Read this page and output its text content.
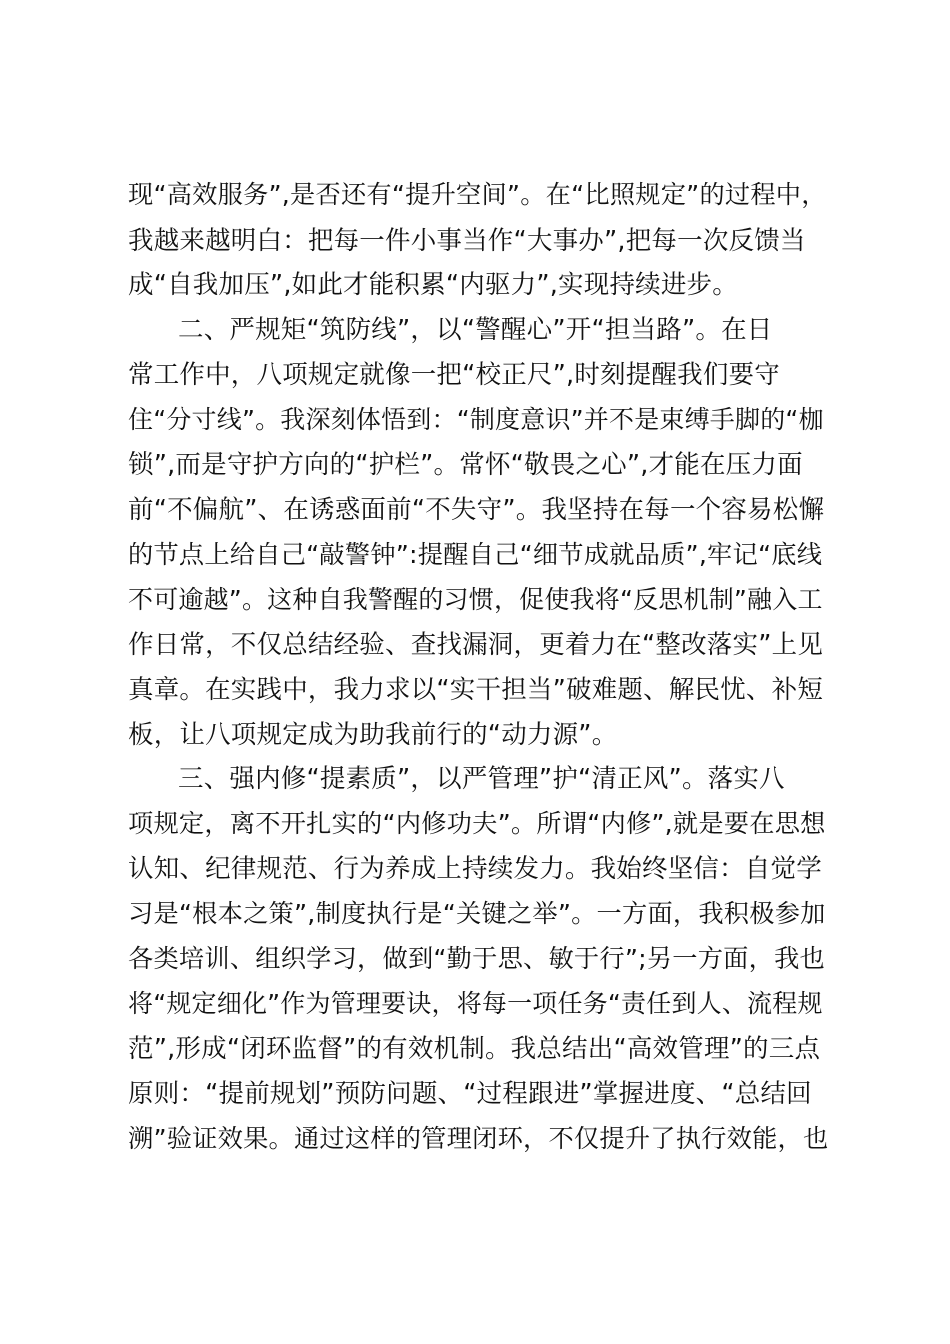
现“高效服务”,是否还有“提升空间”。在“比照规定”的过程中，
我越来越明白：把每一件小事当作“大事办”,把每一次反馈当
成“自我加压”,如此才能积累“内驱力”,实现持续进步。
二、严规矩“筑防线”，以“警醒心”开“担当路”。在日
常工作中，八项规定就像一把“校正尺”,时刻提醒我们要守
住“分寸线”。我深刻体悟到：“制度意识”并不是束缚手脚的“枷
锁”,而是守护方向的“护栏”。常怀“敬畏之心”,才能在压力面
前“不偏航”、在诱惑面前“不失守”。我坚持在每一个容易松懈
的节点上给自己“敲警钟”:提醒自己“细节成就品质”,牢记“底线
不可逾越”。这种自我警醒的习惯，促使我将“反思机制”融入工
作日常，不仅总结经验、查找漏洞，更着力在“整改落实”上见
真章。在实践中，我力求以“实干担当”破难题、解民忧、补短
板，让八项规定成为助我前行的“动力源”。
三、强内修“提素质”，以严管理”护“清正风”。落实八
项规定，离不开扎实的“内修功夫”。所谓“内修”,就是要在思想
认知、纪律规范、行为养成上持续发力。我始终坚信：自觉学
习是“根本之策”,制度执行是“关键之举”。一方面，我积极参加
各类培训、组织学习，做到“勤于思、敏于行”;另一方面，我也
将“规定细化”作为管理要诀，将每一项任务“责任到人、流程规
范”,形成“闭环监督”的有效机制。我总结出“高效管理”的三点
原则：“提前规划”预防问题、“过程跟进”掌握进度、“总结回
溯”验证效果。通过这样的管理闭环，不仅提升了执行效能，也
